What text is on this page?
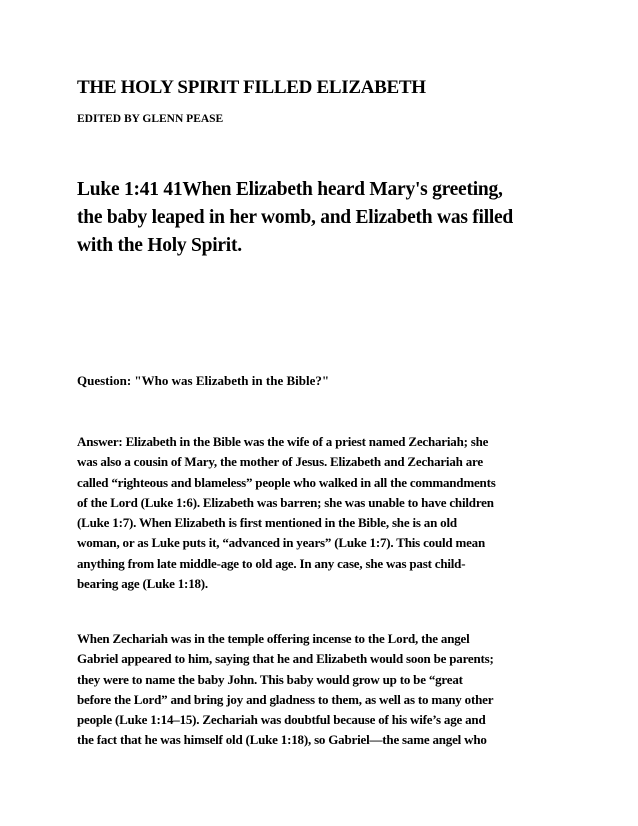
THE HOLY SPIRIT FILLED ELIZABETH
EDITED BY GLENN PEASE
Luke 1:41 41When Elizabeth heard Mary's greeting,
the baby leaped in her womb, and Elizabeth was filled
with the Holy Spirit.
Question: "Who was Elizabeth in the Bible?"
Answer: Elizabeth in the Bible was the wife of a priest named Zechariah; she
was also a cousin of Mary, the mother of Jesus. Elizabeth and Zechariah are
called “righteous and blameless” people who walked in all the commandments
of the Lord (Luke 1:6). Elizabeth was barren; she was unable to have children
(Luke 1:7). When Elizabeth is first mentioned in the Bible, she is an old
woman, or as Luke puts it, “advanced in years” (Luke 1:7). This could mean
anything from late middle-age to old age. In any case, she was past child-
bearing age (Luke 1:18).
When Zechariah was in the temple offering incense to the Lord, the angel
Gabriel appeared to him, saying that he and Elizabeth would soon be parents;
they were to name the baby John. This baby would grow up to be “great
before the Lord” and bring joy and gladness to them, as well as to many other
people (Luke 1:14–15). Zechariah was doubtful because of his wife’s age and
the fact that he was himself old (Luke 1:18), so Gabriel—the same angel who
